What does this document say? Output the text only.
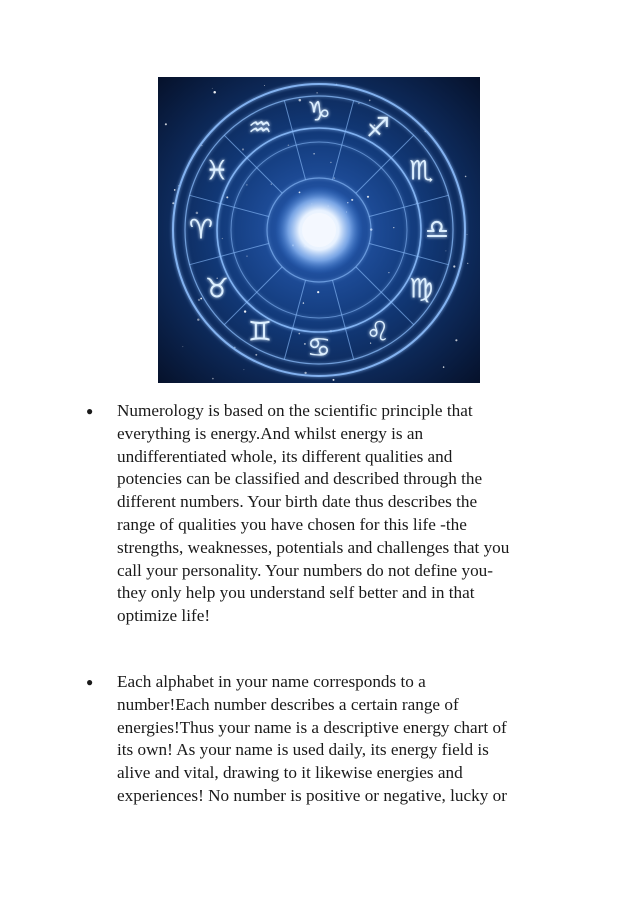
♑︎
♐︎
♏︎
♎︎
♍︎
♌︎
♋︎
♊︎
♉︎
♈︎
♓︎
♒︎
● Numerology is based on the scientific principle that
everything is energy.And whilst energy is an
undifferentiated whole, its different qualities and
potencies can be classified and described through the
different numbers. Your birth date thus describes the
range of qualities you have chosen for this life -the
strengths, weaknesses, potentials and challenges that you
call your personality. Your numbers do not define you-
they only help you understand self better and in that
optimize life!
● Each alphabet in your name corresponds to a
number!Each number describes a certain range of
energies!Thus your name is a descriptive energy chart of
its own! As your name is used daily, its energy field is
alive and vital, drawing to it likewise energies and
experiences! No number is positive or negative, lucky or
